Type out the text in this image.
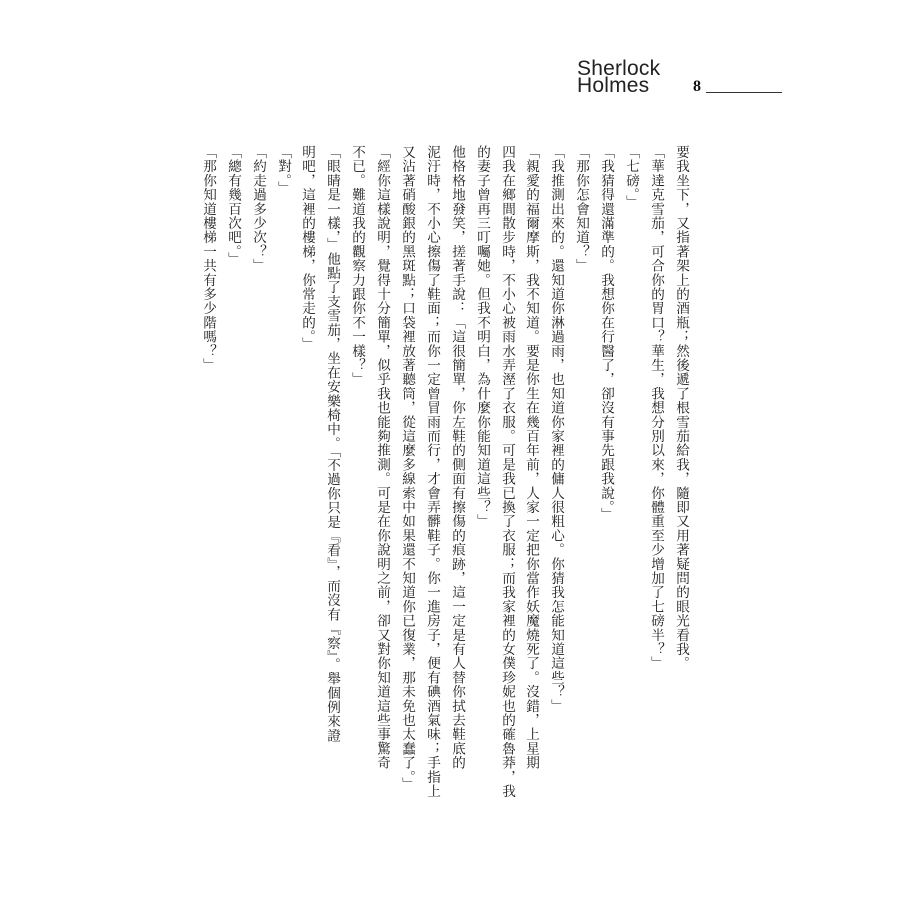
Sherlock
Holmes	8
要我坐下，又指著架上的酒瓶；然後遞了根雪茄給我，隨即又用著疑問的眼光看我。
「華達克雪茄，可合你的胃口？華生，我想分別以來，你體重至少增加了七磅半？」
「七磅。」
「我猜得還滿準的。我想你在行醫了，卻沒有事先跟我說。」
「那你怎會知道？」
「我推測出來的。還知道你淋過雨，也知道你家裡的傭人很粗心。你猜我怎能知道這些？」
「親愛的福爾摩斯，我不知道。要是你生在幾百年前，人家一定把你當作妖魔燒死了。沒錯，上星期
四我在鄉間散步時，不小心被雨水弄溼了衣服。可是我已換了衣服；而我家裡的女僕珍妮也的確魯莽，我
的妻子曾再三叮囑她。但我不明白，為什麼你能知道這些？」
他格格地發笑，搓著手說：「這很簡單，你左鞋的側面有擦傷的痕跡，這一定是有人替你拭去鞋底的
泥汙時，不小心擦傷了鞋面；而你一定曾冒雨而行，才會弄髒鞋子。你一進房子，便有碘酒氣味；手指上
又沾著硝酸銀的黑斑點；口袋裡放著聽筒，從這麼多線索中如果還不知道你已復業，那未免也太蠢了。」
「經你這樣說明，覺得十分簡單，似乎我也能夠推測。可是在你說明之前，卻又對你知道這些事驚奇
不已。難道我的觀察力跟你不一樣？」
「眼睛是一樣，」他點了支雪茄，坐在安樂椅中。「不過你只是『看』，而沒有『察』。舉個例來證
明吧，這裡的樓梯，你常走的。」
「對。」
「約走過多少次？」
「總有幾百次吧。」
「那你知道樓梯一共有多少階嗎？」
